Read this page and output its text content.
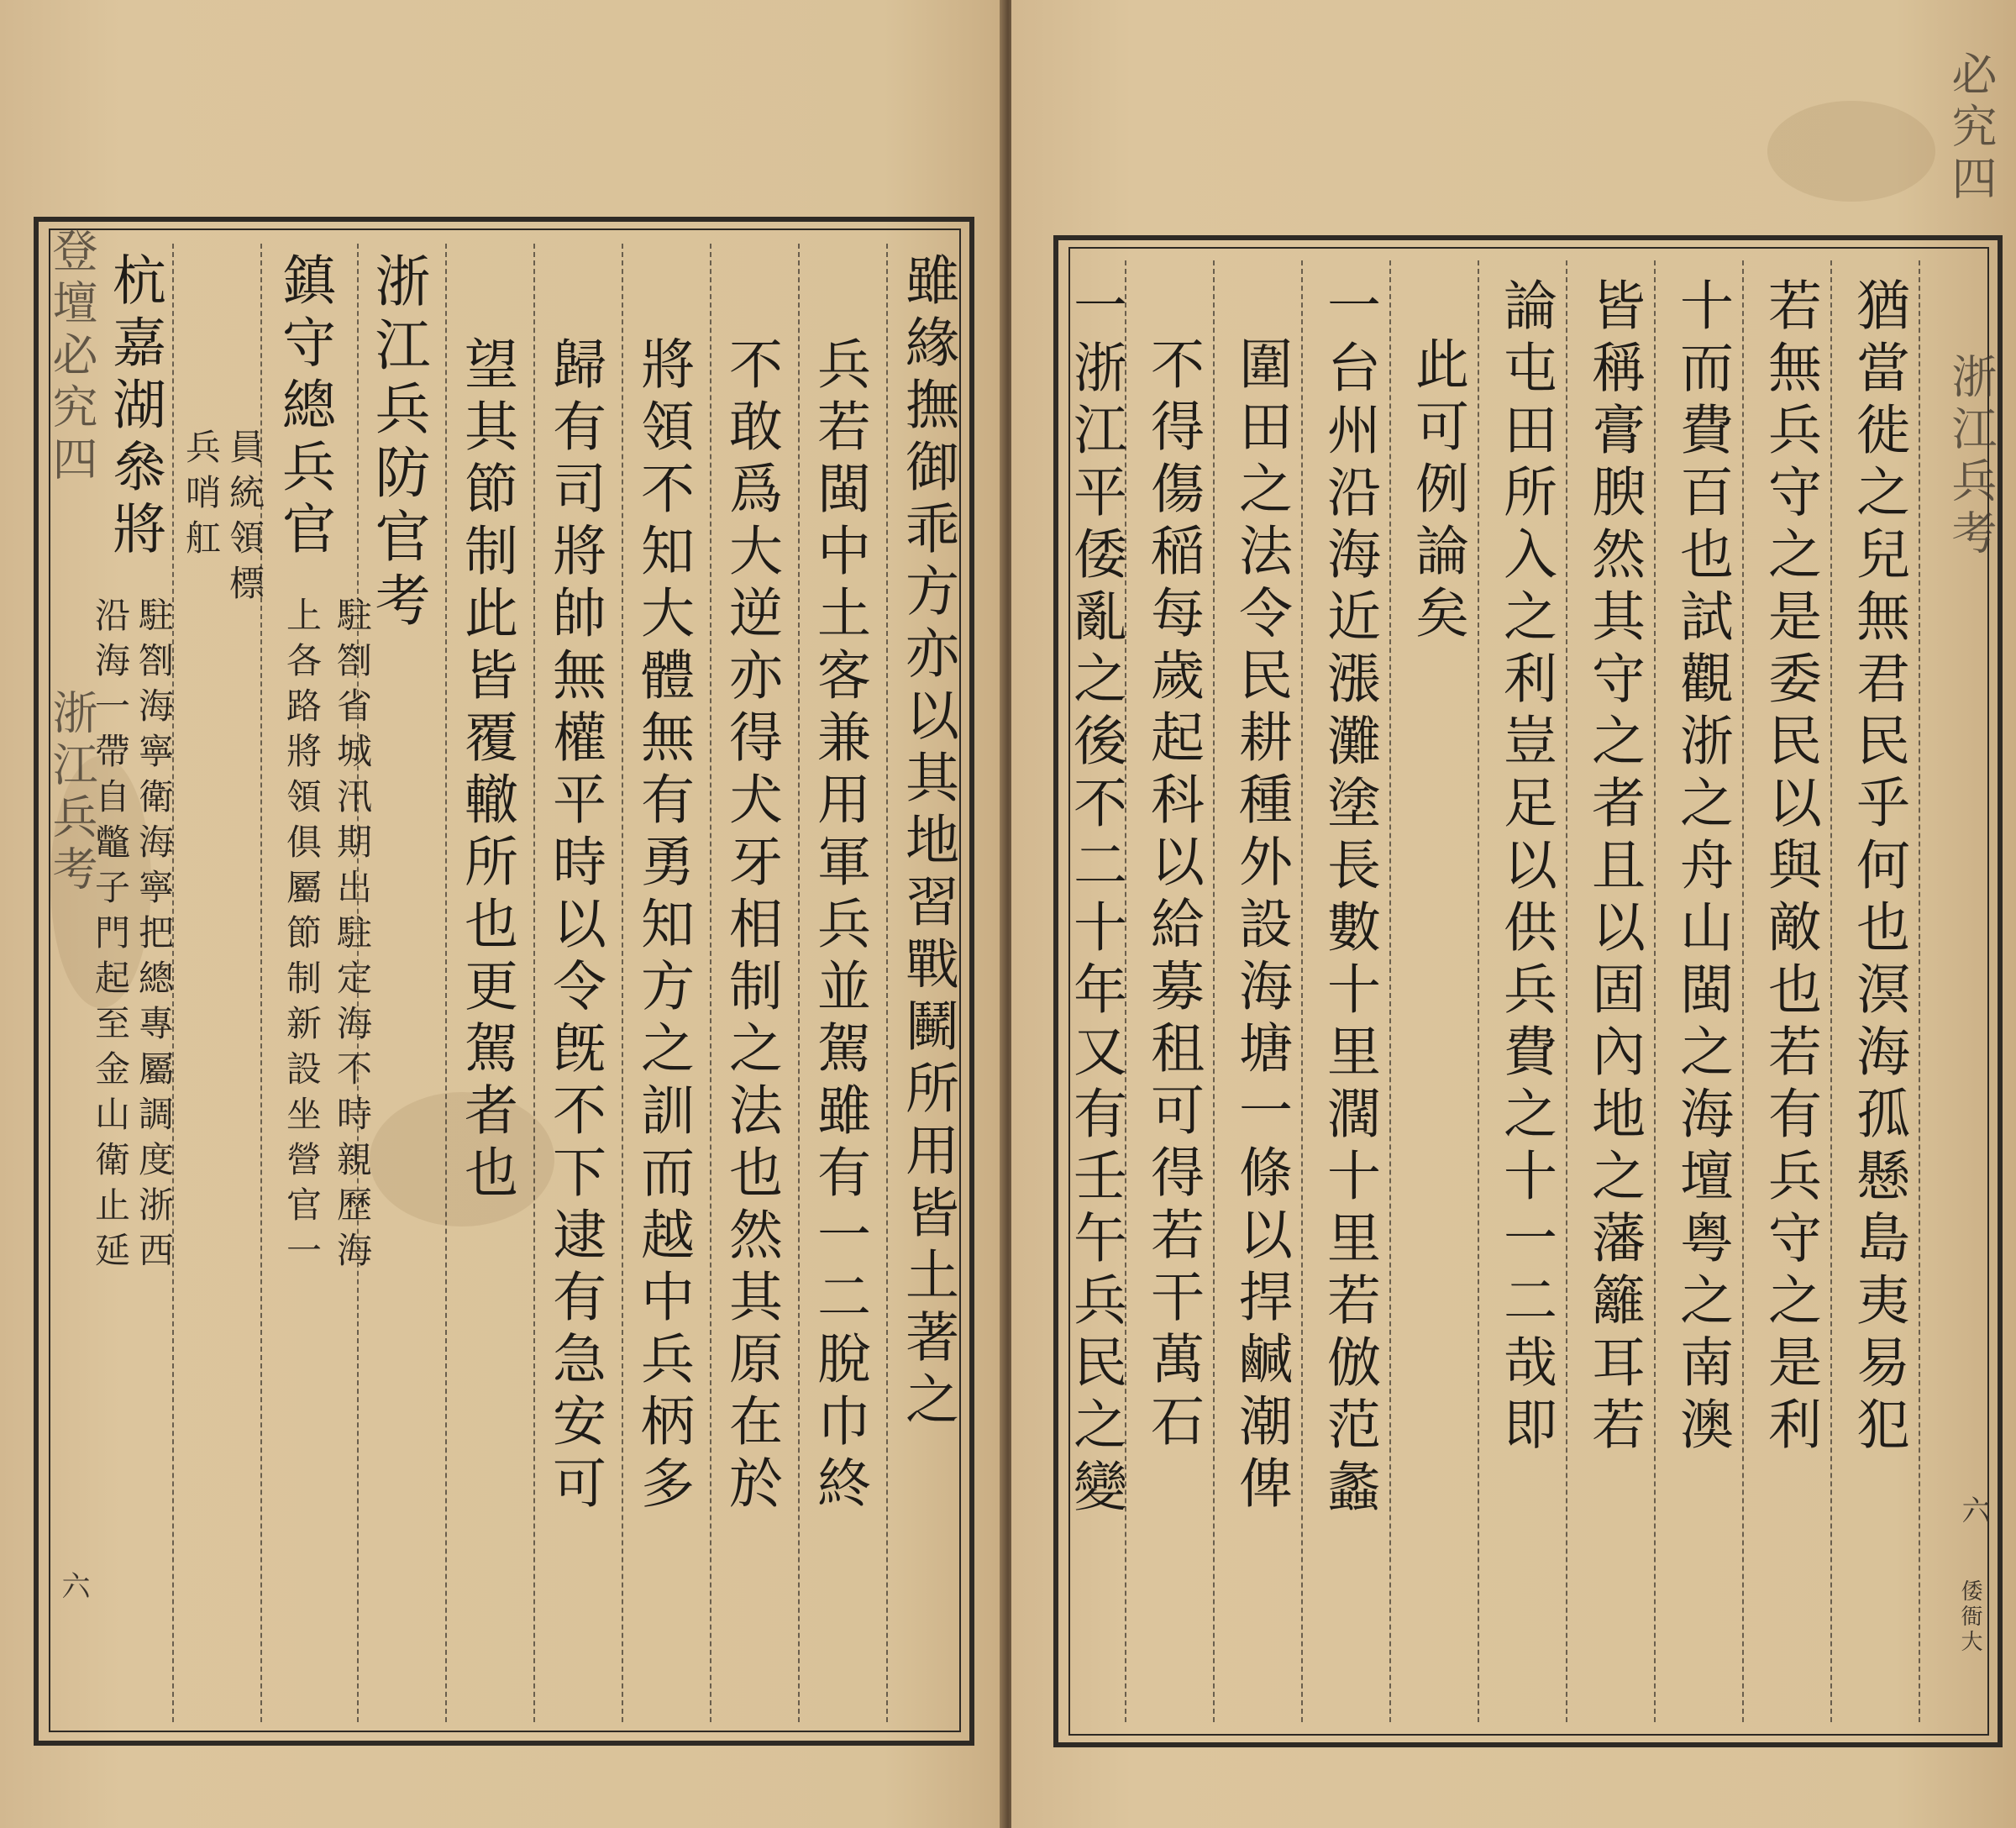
登壇必究四
浙江兵考
六
雖緣撫御乖方亦以其地習戰鬭所用皆土著之
兵若閩中土客兼用軍兵並駕雖有一二脫巾終
不敢爲大逆亦得犬牙相制之法也然其原在於
將領不知大體無有勇知方之訓而越中兵柄多
歸有司將帥無權平時以令旣不下逮有急安可
望其節制此皆覆轍所也更駕者也
浙江兵防官考
鎮守總兵官
駐劄省城汛期出駐定海不時親歷海
上各路將領俱屬節制新設坐營官一
員統領標
兵哨舡
杭嘉湖叅將
駐劄海寧衛海寧把總專屬調度浙西
沿海一帶自鼈子門起至金山衛止延
必究四
浙江兵考
六
倭衙大
猶當徙之兒無君民乎何也溟海孤懸島夷易犯
若無兵守之是委民以與敵也若有兵守之是利
十而費百也試觀浙之舟山閩之海壇粤之南澳
皆稱膏腴然其守之者且以固內地之藩籬耳若
論屯田所入之利豈足以供兵費之十一二哉即
此可例論矣
一台州沿海近漲灘塗長數十里濶十里若倣范蠡
圍田之法令民耕種外設海塘一條以捍鹹潮俾
不得傷稲每歲起科以給募租可得若干萬石
一浙江平倭亂之後不二十年又有壬午兵民之變
